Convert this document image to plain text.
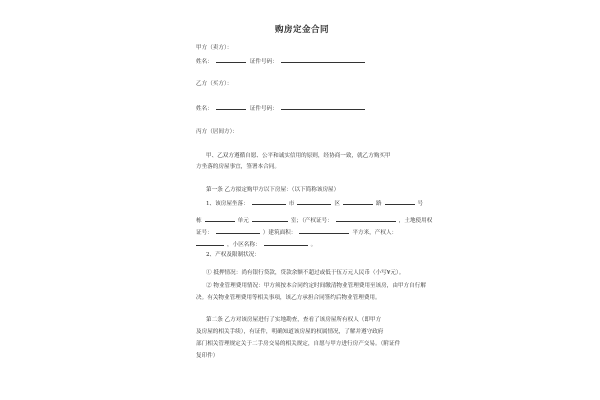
购房定金合同
甲方（卖方）：
姓名：	证件号码：
乙方（买方）：
姓名：	证件号码：
丙方（居间方）：
甲、乙双方遵循自愿、公平和诚实信用的原则，经协商一致，就乙方购买甲
方坐落的房屋事宜，签署本合同。
第一条 乙方拟定购甲方以下房屋：（以下简称该房屋）
1、该房屋坐落：	市	区	路	号
栋	单元	室；（产权证号：	，土地使用权
证号：	）建筑面积：	平方米，产权人：
，小区名称：	。
2、产权及限制状况：
① 抵押情况：尚有银行贷款，贷款余额不超过或低于伍万元人民币（小写¥元）。
② 物业管理费用情况：甲方须按本合同约定时间缴清物业管理费用至该房，由甲方自行解
决。有关物业管理费用等相关事项，该乙方承担合同签约后物业管理费用。
第二条 乙方对该房屋进行了实地勘查，查看了该房屋所有权人（即甲方
及房屋的相关手续），有证件，明确知道该房屋的权属情况，了解并遵守政府
部门相关管理规定关于二手房交易的相关规定，自愿与甲方进行房产交易。（附证件
复印件）
